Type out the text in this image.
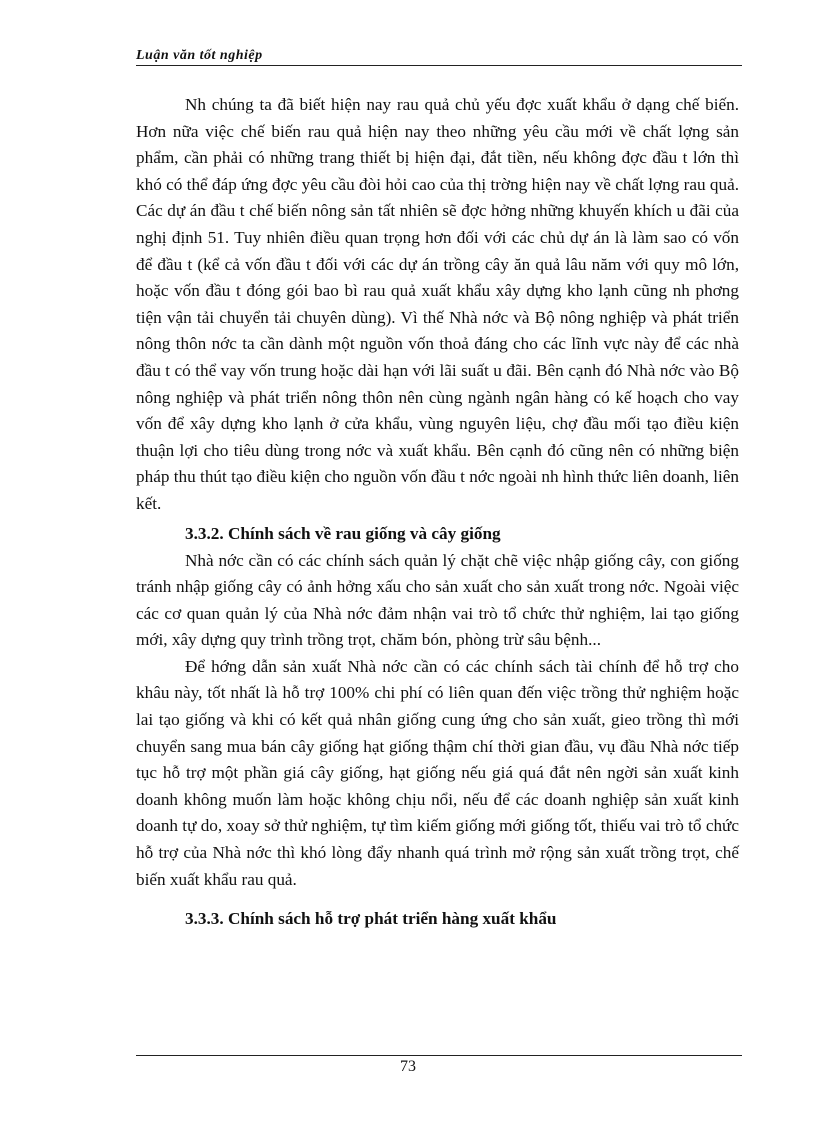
Luận văn tốt nghiệp

Nh chúng ta đã biết hiện nay rau quả chủ yếu đợc xuất khẩu ở dạng chế biến. Hơn nữa việc chế biến rau quả hiện nay theo những yêu cầu mới về chất lợng sản phẩm, cần phải có những trang thiết bị hiện đại, đắt tiền, nếu không đợc đầu t lớn thì khó có thể đáp ứng đợc yêu cầu đòi hỏi cao của thị trờng hiện nay về chất lợng rau quả. Các dự án đầu t chế biến nông sản tất nhiên sẽ đợc hởng những khuyến khích u đãi của nghị định 51. Tuy nhiên điều quan trọng hơn đối với các chủ dự án là làm sao có vốn để đầu t (kể cả vốn đầu t đối với các dự án trồng cây ăn quả lâu năm với quy mô lớn, hoặc vốn đầu t đóng gói bao bì rau quả xuất khẩu xây dựng kho lạnh cũng nh phơng tiện vận tải chuyển tải chuyên dùng). Vì thế Nhà nớc và Bộ nông nghiệp và phát triển nông thôn nớc ta cần dành một nguồn vốn thoả đáng cho các lĩnh vực này để các nhà đầu t có thể vay vốn trung hoặc dài hạn với lãi suất u đãi. Bên cạnh đó Nhà nớc vào Bộ nông nghiệp và phát triển nông thôn nên cùng ngành ngân hàng có kế hoạch cho vay vốn để xây dựng kho lạnh ở cửa khẩu, vùng nguyên liệu, chợ đầu mối tạo điều kiện thuận lợi cho tiêu dùng trong nớc và xuất khẩu. Bên cạnh đó cũng nên có những biện pháp thu thút tạo điều kiện cho nguồn vốn đầu t nớc ngoài nh hình thức liên doanh, liên kết.

3.3.2. Chính sách về rau giống và cây giống

Nhà nớc cần có các chính sách quản lý chặt chẽ việc nhập giống cây, con giống tránh nhập giống cây có ảnh hởng xấu cho sản xuất cho sản xuất trong nớc. Ngoài việc các cơ quan quản lý của Nhà nớc đảm nhận vai trò tổ chức thử nghiệm, lai tạo giống mới, xây dựng quy trình trồng trọt, chăm bón, phòng trừ sâu bệnh...

Để hớng dẫn sản xuất Nhà nớc cần có các chính sách tài chính để hỗ trợ cho khâu này, tốt nhất là hỗ trợ 100% chi phí có liên quan đến việc trồng thử nghiệm hoặc lai tạo giống và khi có kết quả nhân giống cung ứng cho sản xuất, gieo trồng thì mới chuyển sang mua bán cây giống hạt giống thậm chí thời gian đầu, vụ đầu Nhà nớc tiếp tục hỗ trợ một phần giá cây giống, hạt giống nếu giá quá đắt nên ngời sản xuất kinh doanh không muốn làm hoặc không chịu nổi, nếu để các doanh nghiệp sản xuất kinh doanh tự do, xoay sở thử nghiệm, tự tìm kiếm giống mới giống tốt, thiếu vai trò tổ chức hỗ trợ của Nhà nớc thì khó lòng đẩy nhanh quá trình mở rộng sản xuất trồng trọt, chế biến xuất khẩu rau quả.

3.3.3. Chính sách hỗ trợ phát triển hàng xuất khẩu
73
